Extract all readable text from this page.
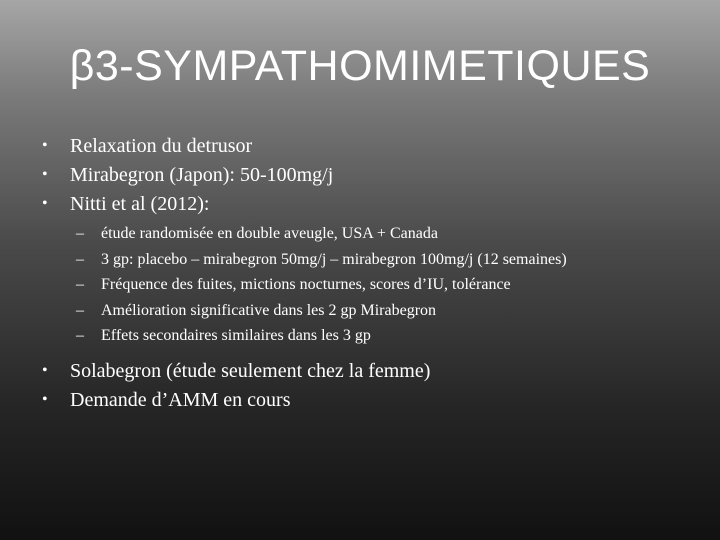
β3-SYMPATHOMIMETIQUES
• Relaxation du detrusor
• Mirabegron (Japon): 50-100mg/j
• Nitti et al (2012):
– étude randomisée en double aveugle, USA + Canada
– 3 gp: placebo – mirabegron 50mg/j – mirabegron 100mg/j (12 semaines)
– Fréquence des fuites, mictions nocturnes, scores d’IU, tolérance
– Amélioration significative dans les 2 gp Mirabegron
– Effets secondaires similaires dans les 3 gp
• Solabegron (étude seulement chez la femme)
• Demande d’AMM en cours
